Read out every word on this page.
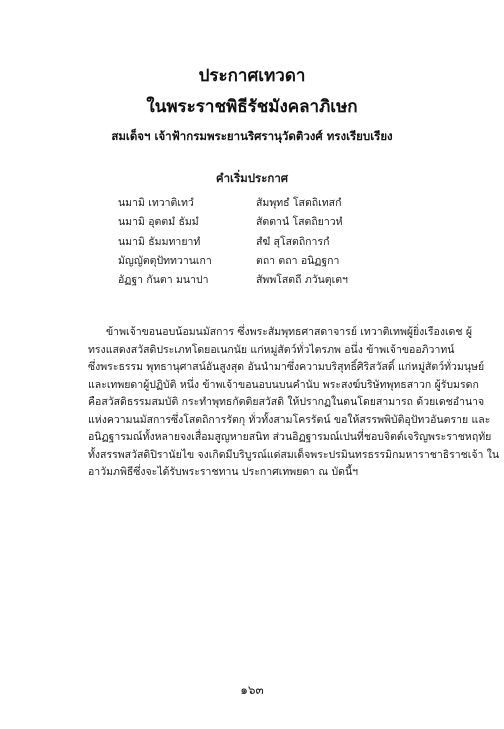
ประกาศเทวดา
ในพระราชพิธีรัชมังคลาภิเษก
สมเด็จฯ เจ้าฟ้ากรมพระยานริศรานุวัดติวงศ์ ทรงเรียบเรียง
คำเริ่มประกาศ
นมามิ เทวาติเทวํ	สัมพุทธํ โสตถิเทสกํ
นมามิ อุตตมํ ธัมมํ	สัตตานํ โสตถิยาวหํ
นมามิ ธัมมทายาทํ	สํฆํ สุโสตถิการกํ
มัญญัตตุปัททวานเกา	ตถา ตถา อนิฏฐกา
อัฏฐา กันตา มนาปา	สัพพโสตถี ภวันตุเตฯ
ข้าพเจ้าขอนอบน้อมนมัสการ ซึ่งพระสัมพุทธศาสดาจารย์ เทวาติเทพผู้ยิ่งเรืองเดช ผู้
ทรงแสดงสวัสดิประเภทโดยอเนกนัย แก่หมู่สัตว์ทั่วไตรภพ อนึ่ง ข้าพเจ้าขออภิวาทน์
ซึ่งพระธรรม พุทธานุศาสน์อันสูงสุด อันนำมาซึ่งความบริสุทธิ์ศิริสวัสดิ์ แก่หมู่สัตว์ทั่วมนุษย์
และเทพยดาผู้ปฏิบัติ หนึ่ง ข้าพเจ้าขอนอบนบนคำนับ พระสงฆ์บริษัทพุทธสาวก ผู้รับมรดก
คือสวัสดิธรรมสมบัติ กระทำพุทธกัตติยสวัสดิ ให้ปรากฏในตนโดยสามารถ ด้วยเดชอำนาจ
แห่งความนมัสการซึ่งโสตถิการรัตกุ ทั่วทั้งสามโครรัตน์ ขอให้สรรพพิบัติอุปัทวอันตราย และ
อนิฏฐารมณ์ทั้งหลายจงเสื่อมสูญหายสนิท ส่วนอิฏฐารมณ์เปนที่ชอบจิตต์เจริญพระราชหฤทัย
ทั้งสรรพสวัสดิปิรานัยไข จงเกิดมีบริบูรณ์แด่สมเด็จพระปรมินทรธรรมิกมหาราชาธิราชเจ้า ใน
อาวัมภพิธีซึ่งจะได้รับพระราชทาน ประกาศเทพยดา ณ บัดนี้ฯ
๑๖๓
